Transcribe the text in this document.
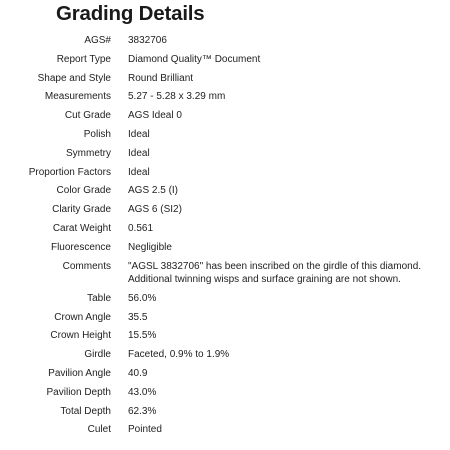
Grading Details
AGS#	3832706
Report Type	Diamond Quality™ Document
Shape and Style	Round Brilliant
Measurements	5.27 - 5.28 x 3.29 mm
Cut Grade	AGS Ideal 0
Polish	Ideal
Symmetry	Ideal
Proportion Factors	Ideal
Color Grade	AGS 2.5 (I)
Clarity Grade	AGS 6 (SI2)
Carat Weight	0.561
Fluorescence	Negligible
Comments	"AGSL 3832706" has been inscribed on the girdle of this diamond.
Additional twinning wisps and surface graining are not shown.

Table	56.0%
Crown Angle	35.5
Crown Height	15.5%
Girdle	Faceted, 0.9% to 1.9%
Pavilion Angle	40.9
Pavilion Depth	43.0%
Total Depth	62.3%
Culet	Pointed
